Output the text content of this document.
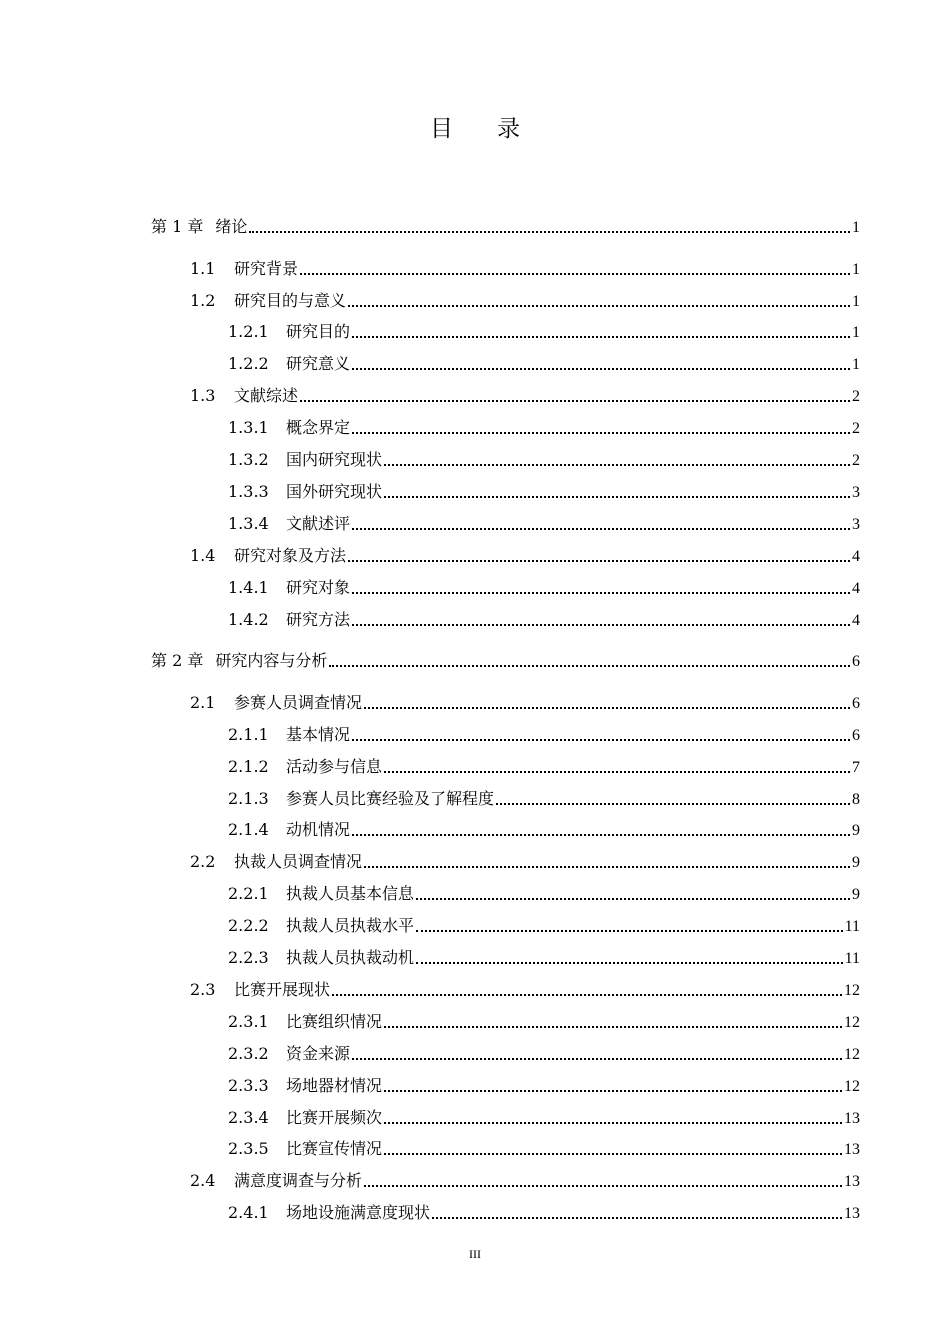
目录
第 1 章 绪论	1
1.1	研究背景	1
1.2	研究目的与意义	1
1.2.1	研究目的	1
1.2.2	研究意义	1
1.3	文献综述	2
1.3.1	概念界定	2
1.3.2	国内研究现状	2
1.3.3	国外研究现状	3
1.3.4	文献述评	3
1.4	研究对象及方法	4
1.4.1	研究对象	4
1.4.2	研究方法	4
第 2 章 研究内容与分析	6
2.1	参赛人员调查情况	6
2.1.1	基本情况	6
2.1.2	活动参与信息	7
2.1.3	参赛人员比赛经验及了解程度	8
2.1.4	动机情况	9
2.2	执裁人员调查情况	9
2.2.1	执裁人员基本信息	9
2.2.2	执裁人员执裁水平	11
2.2.3	执裁人员执裁动机	11
2.3	比赛开展现状	12
2.3.1	比赛组织情况	12
2.3.2	资金来源	12
2.3.3	场地器材情况	12
2.3.4	比赛开展频次	13
2.3.5	比赛宣传情况	13
2.4	满意度调查与分析	13
2.4.1	场地设施满意度现状	13
III
